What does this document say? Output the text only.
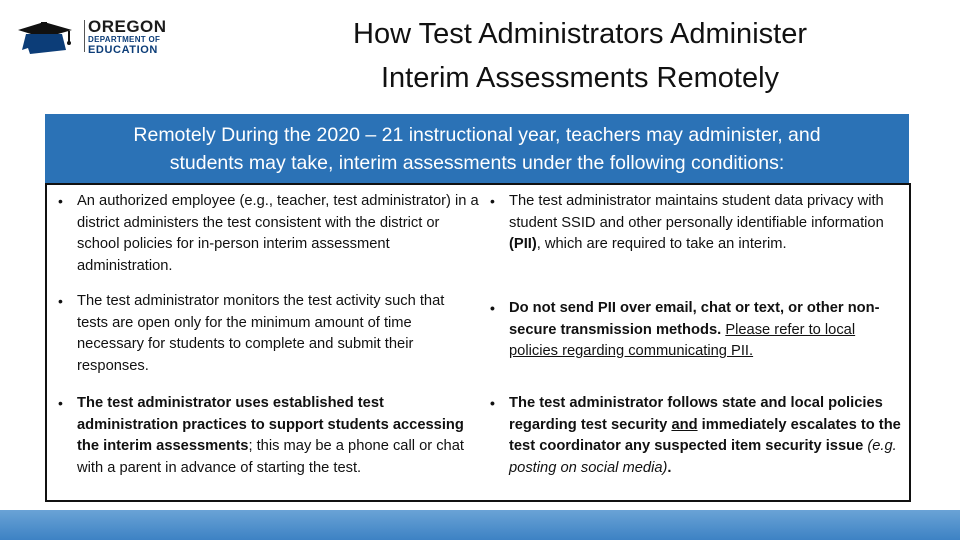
OREGON
DEPARTMENT OF
EDUCATION	How Test Administrators Administer
Interim Assessments Remotely
Remotely During the 2020 – 21 instructional year, teachers may administer, and
students may take, interim assessments under the following conditions:
• An authorized employee (e.g., teacher, test administrator) in a district administers the test consistent with the district or school policies for in-person interim assessment administration.
• The test administrator maintains student data privacy with student SSID and other personally identifiable information (PII), which are required to take an interim.
• The test administrator monitors the test activity such that tests are open only for the minimum amount of time necessary for students to complete and submit their responses.
• Do not send PII over email, chat or text, or other non-secure transmission methods. Please refer to local policies regarding communicating PII.
• The test administrator uses established test administration practices to support students accessing the interim assessments; this may be a phone call or chat with a parent in advance of starting the test.
• The test administrator follows state and local policies regarding test security and immediately escalates to the test coordinator any suspected item security issue (e.g. posting on social media).
